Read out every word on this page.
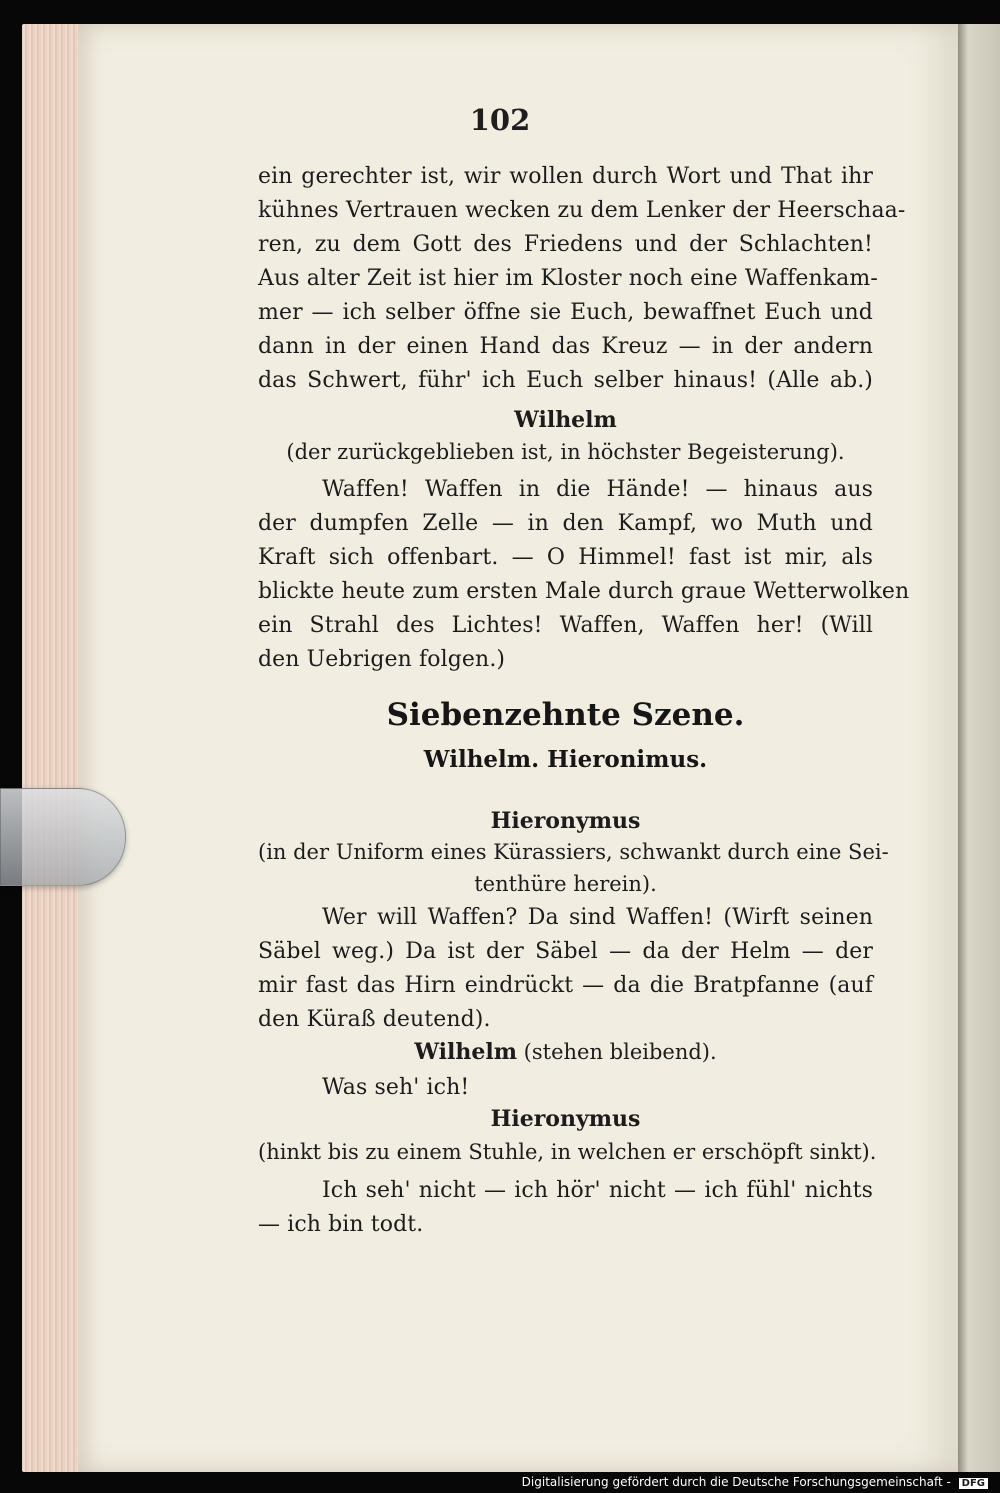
102
ein gerechter ist, wir wollen durch Wort und That ihr
kühnes Vertrauen wecken zu dem Lenker der Heerschaa-
ren, zu dem Gott des Friedens und der Schlachten!
Aus alter Zeit ist hier im Kloster noch eine Waffenkam-
mer — ich selber öffne sie Euch, bewaffnet Euch und
dann in der einen Hand das Kreuz — in der andern
das Schwert, führ' ich Euch selber hinaus! (Alle ab.)
Wilhelm
(der zurückgeblieben ist, in höchster Begeisterung).
Waffen! Waffen in die Hände! — hinaus aus
der dumpfen Zelle — in den Kampf, wo Muth und
Kraft sich offenbart. — O Himmel! fast ist mir, als
blickte heute zum ersten Male durch graue Wetterwolken
ein Strahl des Lichtes! Waffen, Waffen her! (Will
den Uebrigen folgen.)
Siebenzehnte Szene.
Wilhelm. Hieronimus.
Hieronymus
(in der Uniform eines Kürassiers, schwankt durch eine Sei-
tenthüre herein).
Wer will Waffen? Da sind Waffen! (Wirft seinen
Säbel weg.) Da ist der Säbel — da der Helm — der
mir fast das Hirn eindrückt — da die Bratpfanne (auf
den Küraß deutend).
Wilhelm (stehen bleibend).
Was seh' ich!
Hieronymus
(hinkt bis zu einem Stuhle, in welchen er erschöpft sinkt).
Ich seh' nicht — ich hör' nicht — ich fühl' nichts
— ich bin todt.
Digitalisierung gefördert durch die Deutsche Forschungsgemeinschaft - DFG
